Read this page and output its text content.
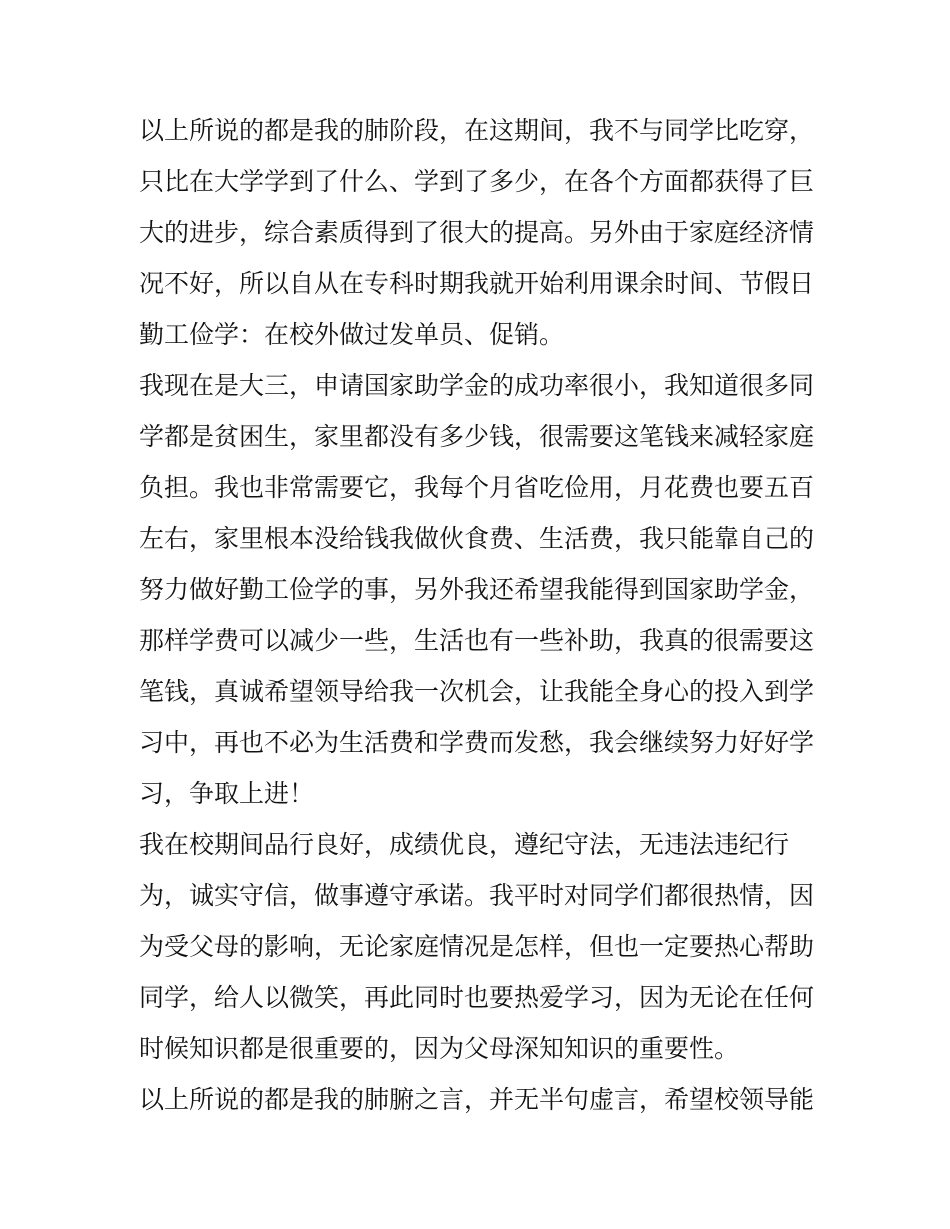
以上所说的都是我的肺阶段，在这期间，我不与同学比吃穿，
只比在大学学到了什么、学到了多少，在各个方面都获得了巨
大的进步，综合素质得到了很大的提高。另外由于家庭经济情
况不好，所以自从在专科时期我就开始利用课余时间、节假日
勤工俭学：在校外做过发单员、促销。
我现在是大三，申请国家助学金的成功率很小，我知道很多同
学都是贫困生，家里都没有多少钱，很需要这笔钱来减轻家庭
负担。我也非常需要它，我每个月省吃俭用，月花费也要五百
左右，家里根本没给钱我做伙食费、生活费，我只能靠自己的
努力做好勤工俭学的事，另外我还希望我能得到国家助学金，
那样学费可以减少一些，生活也有一些补助，我真的很需要这
笔钱，真诚希望领导给我一次机会，让我能全身心的投入到学
习中，再也不必为生活费和学费而发愁，我会继续努力好好学
习，争取上进！
我在校期间品行良好，成绩优良，遵纪守法，无违法违纪行
为，诚实守信，做事遵守承诺。我平时对同学们都很热情，因
为受父母的影响，无论家庭情况是怎样，但也一定要热心帮助
同学，给人以微笑，再此同时也要热爱学习，因为无论在任何
时候知识都是很重要的，因为父母深知知识的重要性。
以上所说的都是我的肺腑之言，并无半句虚言，希望校领导能
